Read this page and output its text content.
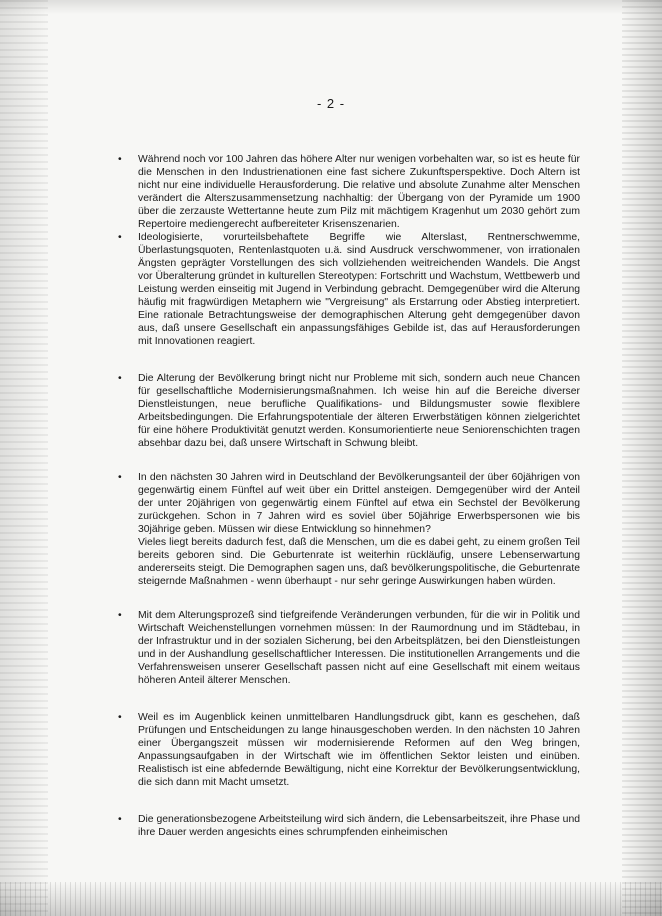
- 2 -
• Während noch vor 100 Jahren das höhere Alter nur wenigen vorbehalten war, so ist es heute für die Menschen in den Industrienationen eine fast sichere Zukunftsperspektive. Doch Altern ist nicht nur eine individuelle Herausforderung. Die relative und absolute Zunahme alter Menschen verändert die Alterszusammensetzung nachhaltig: der Übergang von der Pyramide um 1900 über die zerzauste Wettertanne heute zum Pilz mit mächtigem Kragenhut um 2030 gehört zum Repertoire mediengerecht aufbereiteter Krisenszenarien.

• Ideologisierte, vorurteilsbehaftete Begriffe wie Alterslast, Rentnerschwemme, Überlastungsquoten, Rentenlastquoten u.ä. sind Ausdruck verschwommener, von irrationalen Ängsten geprägter Vorstellungen des sich vollziehenden weitreichenden Wandels. Die Angst vor Überalterung gründet in kulturellen Stereotypen: Fortschritt und Wachstum, Wettbewerb und Leistung werden einseitig mit Jugend in Verbindung gebracht. Demgegenüber wird die Alterung häufig mit fragwürdigen Metaphern wie "Vergreisung" als Erstarrung oder Abstieg interpretiert. Eine rationale Betrachtungsweise der demographischen Alterung geht demgegenüber davon aus, daß unsere Gesellschaft ein anpassungsfähiges Gebilde ist, das auf Herausforderungen mit Innovationen reagiert.

• Die Alterung der Bevölkerung bringt nicht nur Probleme mit sich, sondern auch neue Chancen für gesellschaftliche Modernisierungsmaßnahmen. Ich weise hin auf die Bereiche diverser Dienstleistungen, neue berufliche Qualifikations- und Bildungsmuster sowie flexiblere Arbeitsbedingungen. Die Erfahrungspotentiale der älteren Erwerbstätigen können zielgerichtet für eine höhere Produktivität genutzt werden. Konsumorientierte neue Seniorenschichten tragen absehbar dazu bei, daß unsere Wirtschaft in Schwung bleibt.

• In den nächsten 30 Jahren wird in Deutschland der Bevölkerungsanteil der über 60jährigen von gegenwärtig einem Fünftel auf weit über ein Drittel ansteigen. Demgegenüber wird der Anteil der unter 20jährigen von gegenwärtig einem Fünftel auf etwa ein Sechstel der Bevölkerung zurückgehen. Schon in 7 Jahren wird es soviel über 50jährige Erwerbspersonen wie bis 30jährige geben. Müssen wir diese Entwicklung so hinnehmen?

Vieles liegt bereits dadurch fest, daß die Menschen, um die es dabei geht, zu einem großen Teil bereits geboren sind. Die Geburtenrate ist weiterhin rückläufig, unsere Lebenserwartung andererseits steigt. Die Demographen sagen uns, daß bevölkerungspolitische, die Geburtenrate steigernde Maßnahmen - wenn überhaupt - nur sehr geringe Auswirkungen haben würden.

• Mit dem Alterungsprozeß sind tiefgreifende Veränderungen verbunden, für die wir in Politik und Wirtschaft Weichenstellungen vornehmen müssen: In der Raumordnung und im Städtebau, in der Infrastruktur und in der sozialen Sicherung, bei den Arbeitsplätzen, bei den Dienstleistungen und in der Aushandlung gesellschaftlicher Interessen. Die institutionellen Arrangements und die Verfahrensweisen unserer Gesellschaft passen nicht auf eine Gesellschaft mit einem weitaus höheren Anteil älterer Menschen.

• Weil es im Augenblick keinen unmittelbaren Handlungsdruck gibt, kann es geschehen, daß Prüfungen und Entscheidungen zu lange hinausgeschoben werden. In den nächsten 10 Jahren einer Übergangszeit müssen wir modernisierende Reformen auf den Weg bringen, Anpassungsaufgaben in der Wirtschaft wie im öffentlichen Sektor leisten und einüben. Realistisch ist eine abfedernde Bewältigung, nicht eine Korrektur der Bevölkerungsentwicklung, die sich dann mit Macht umsetzt.

• Die generationsbezogene Arbeitsteilung wird sich ändern, die Lebensarbeitszeit, ihre Phase und ihre Dauer werden angesichts eines schrumpfenden einheimischen
